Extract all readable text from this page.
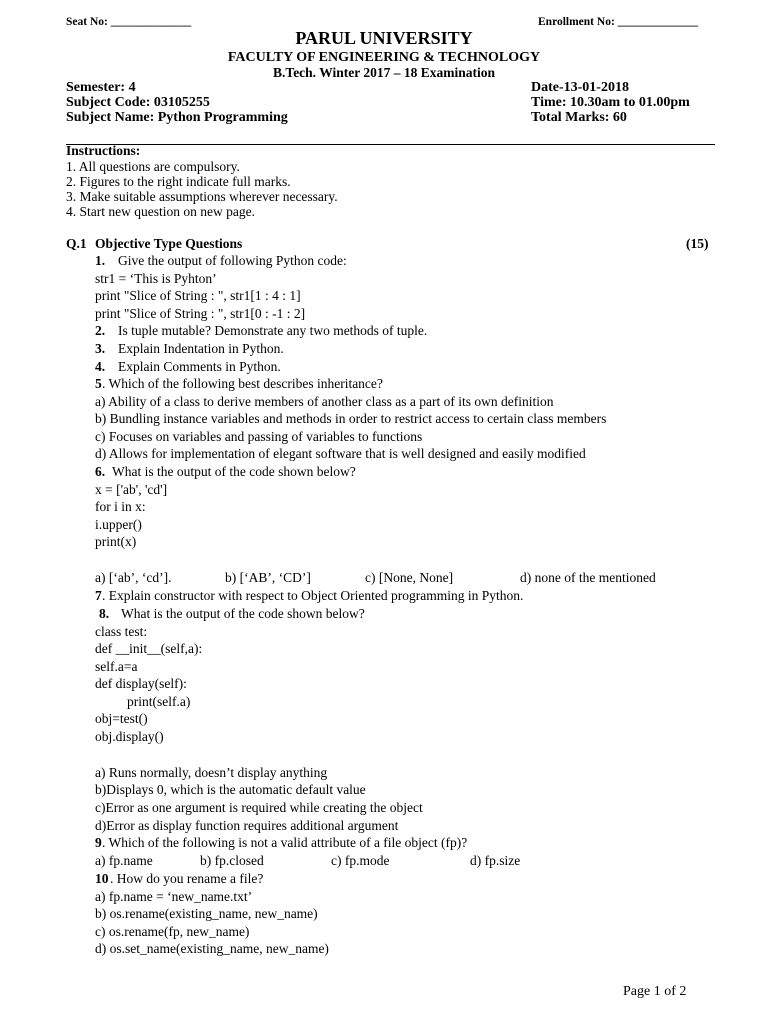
Seat No: ______________	Enrollment No: ______________
PARUL UNIVERSITY
FACULTY OF ENGINEERING & TECHNOLOGY
B.Tech. Winter 2017 – 18 Examination
Semester: 4
Subject Code: 03105255
Subject Name: Python Programming
Date-13-01-2018
Time: 10.30am to 01.00pm
Total Marks: 60
Instructions:
1. All questions are compulsory.
2. Figures to the right indicate full marks.
3. Make suitable assumptions wherever necessary.
4. Start new question on new page.
Q.1 Objective Type Questions	(15)
1. Give the output of following Python code:
str1 = ‘This is Pyhton’
print "Slice of String : ", str1[1 : 4 : 1]
print "Slice of String : ", str1[0 : -1 : 2]
2. Is tuple mutable? Demonstrate any two methods of tuple.
3. Explain Indentation in Python.
4. Explain Comments in Python.
5 . Which of the following best describes inheritance?
a) Ability of a class to derive members of another class as a part of its own definition
b) Bundling instance variables and methods in order to restrict access to certain class members
c) Focuses on variables and passing of variables to functions
d) Allows for implementation of elegant software that is well designed and easily modified
6. What is the output of the code shown below?
x = ['ab', 'cd']
for i in x:
i.upper()
print(x)
a) [‘ab’, ‘cd’].	b) [‘AB’, ‘CD’]	c) [None, None]	d) none of the mentioned
7 . Explain constructor with respect to Object Oriented programming in Python.
8. What is the output of the code shown below?
class test:
def __init__(self,a):
self.a=a
def display(self):
print(self.a)
obj=test()
obj.display()
a) Runs normally, doesn’t display anything
b)Displays 0, which is the automatic default value
c)Error as one argument is required while creating the object
d)Error as display function requires additional argument
9 . Which of the following is not a valid attribute of a file object (fp)?
a) fp.name	b) fp.closed	c) fp.mode	d) fp.size
10 . How do you rename a file?
a) fp.name = ‘new_name.txt’
b) os.rename(existing_name, new_name)
c) os.rename(fp, new_name)
d) os.set_name(existing_name, new_name)
Page 1 of 2
